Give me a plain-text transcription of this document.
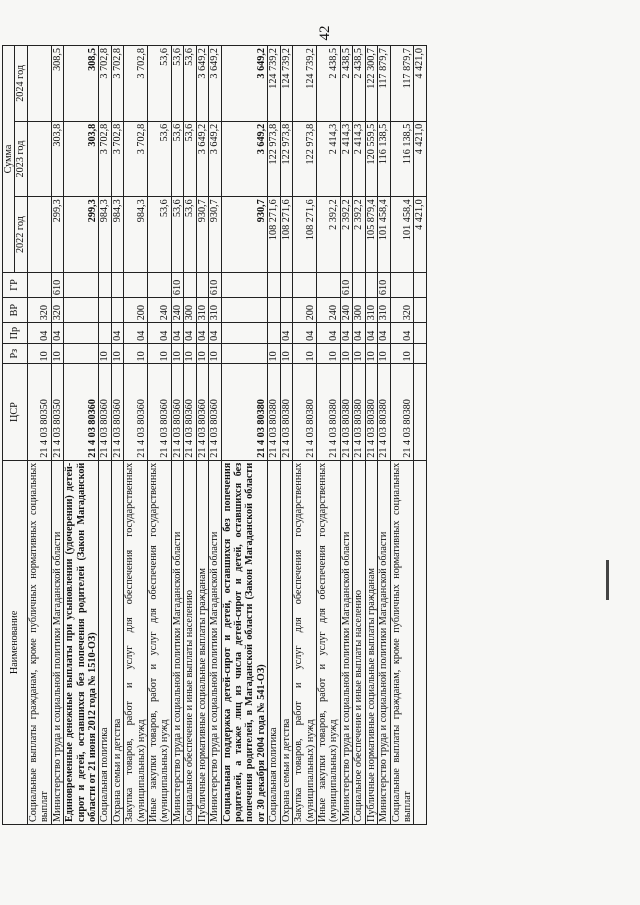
42
Наименование	ЦСР	Рз	Пр	ВР	ГР	Сумма		
						2022 год	2023 год	2024 год
Социальные выплаты гражданам, кроме публичных нормативных социальных выплат	21 4 03 80350	10	04	320				
Министерство труда и социальной политики Магаданской области	21 4 03 80350	10	04	320	610	299,3	303,8	308,5
Единовременные денежные выплаты при усыновлении (удочерении) детей-сирот и детей, оставшихся без попечения родителей (Закон Магаданской области от 21 июня 2012 года № 1510-ОЗ)	21 4 03 80360					299,3	303,8	308,5
Социальная политика	21 4 03 80360	10				984,3	3 702,8	3 702,8
Охрана семьи и детства	21 4 03 80360	10	04			984,3	3 702,8	3 702,8
Закупка товаров, работ и услуг для обеспечения государственных (муниципальных) нужд	21 4 03 80360	10	04	200		984,3	3 702,8	3 702,8
Иные закупки товаров, работ и услуг для обеспечения государственных (муниципальных) нужд	21 4 03 80360	10	04	240		53,6	53,6	53,6
Министерство труда и социальной политики Магаданской области	21 4 03 80360	10	04	240	610	53,6	53,6	53,6
Социальное обеспечение и иные выплаты населению	21 4 03 80360	10	04	300		53,6	53,6	53,6
Публичные нормативные социальные выплаты гражданам	21 4 03 80360	10	04	310		930,7	3 649,2	3 649,2
Министерство труда и социальной политики Магаданской области	21 4 03 80360	10	04	310	610	930,7	3 649,2	3 649,2
Социальная поддержка детей-сирот и детей, оставшихся без попечения родителей, а также лиц из числа детей-сирот и детей, оставшихся без попечения родителей, в Магаданской области (Закон Магаданской области от 30 декабря 2004 года № 541-ОЗ)	21 4 03 80380					930,7	3 649,2	3 649,2
Социальная политика	21 4 03 80380	10				108 271,6	122 973,8	124 739,2
Охрана семьи и детства	21 4 03 80380	10	04			108 271,6	122 973,8	124 739,2
Закупка товаров, работ и услуг для обеспечения государственных (муниципальных) нужд	21 4 03 80380	10	04	200		108 271,6	122 973,8	124 739,2
Иные закупки товаров, работ и услуг для обеспечения государственных (муниципальных) нужд	21 4 03 80380	10	04	240		2 392,2	2 414,3	2 438,5
Министерство труда и социальной политики Магаданской области	21 4 03 80380	10	04	240	610	2 392,2	2 414,3	2 438,5
Социальное обеспечение и иные выплаты населению	21 4 03 80380	10	04	300		2 392,2	2 414,3	2 438,5
Публичные нормативные социальные выплаты гражданам	21 4 03 80380	10	04	310		105 879,4	120 559,5	122 300,7
Министерство труда и социальной политики Магаданской области	21 4 03 80380	10	04	310	610	101 458,4	116 138,5	117 879,7
Социальные выплаты гражданам, кроме публичных нормативных социальных выплат	21 4 03 80380	10	04	320		101 458,4	116 138,5	117 879,7
						4 421,0	4 421,0	4 421,0
